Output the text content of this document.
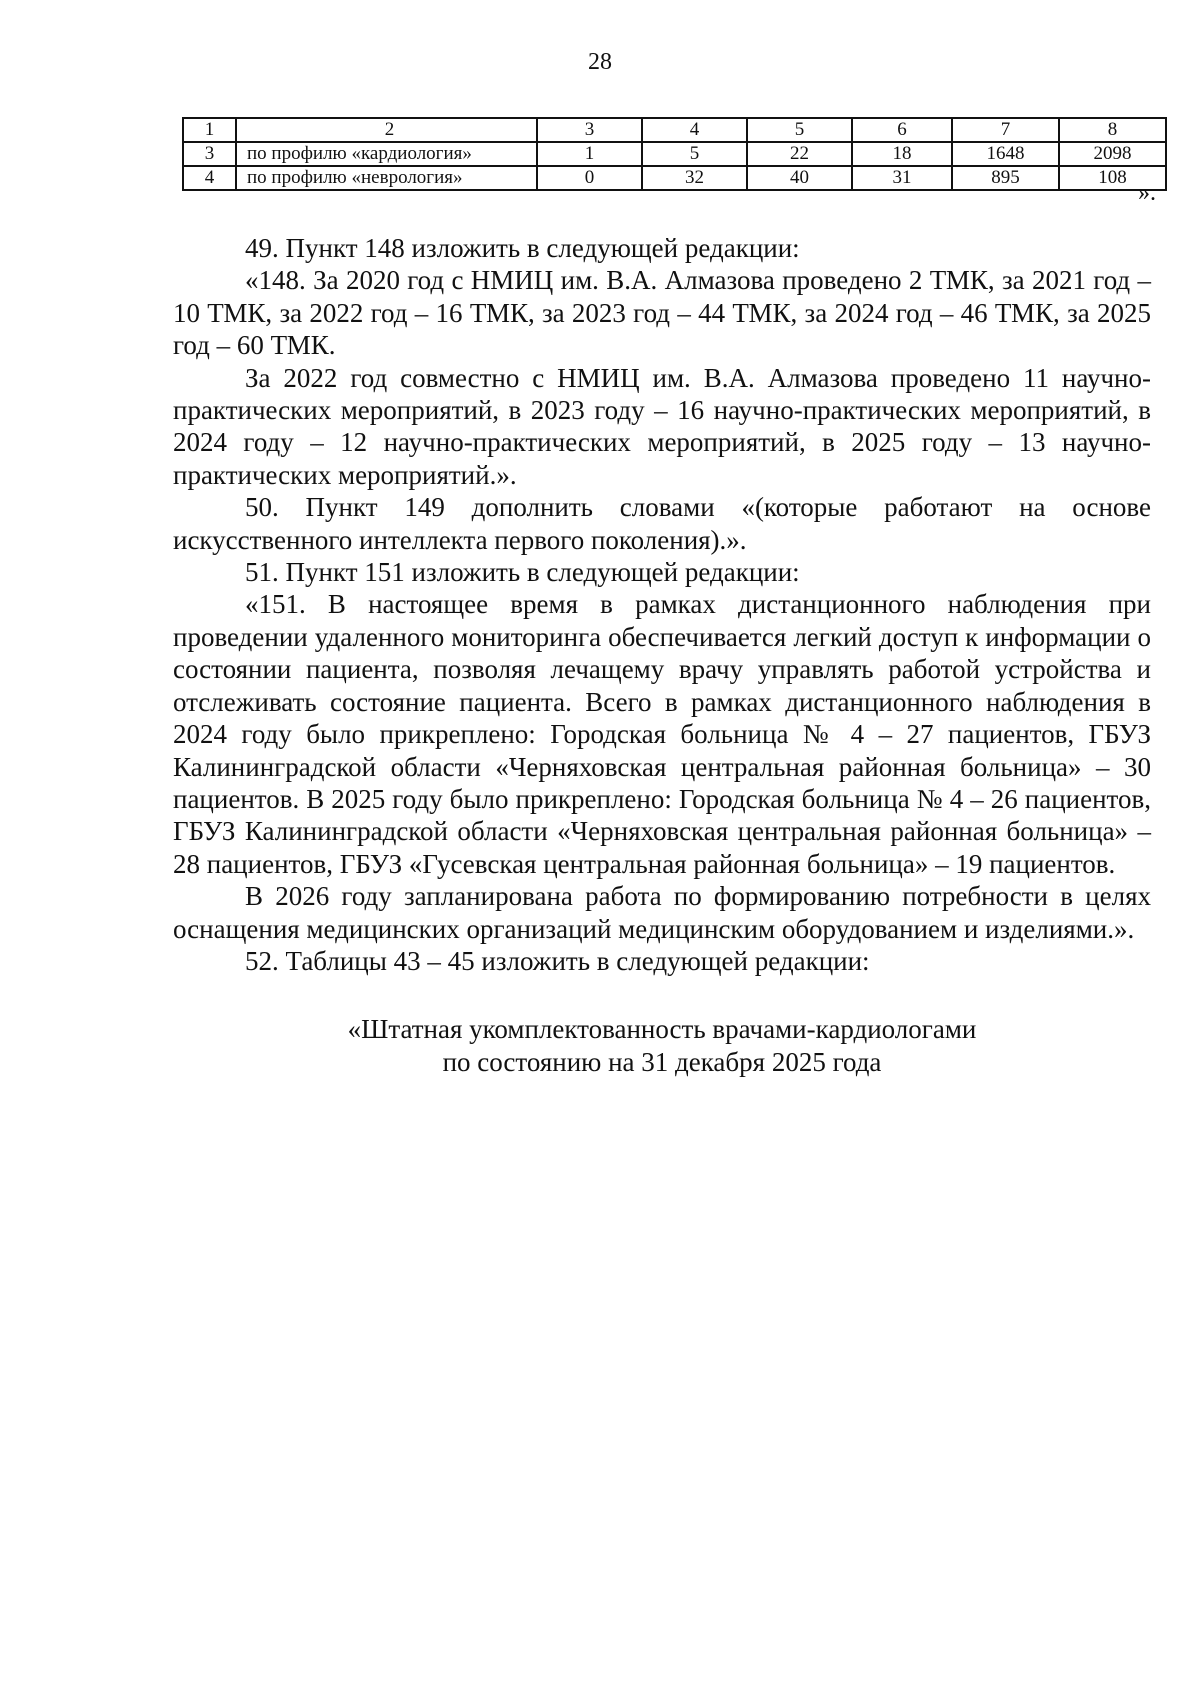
28
1	2	3	4	5	6	7	8
3	по профилю «кардиология»	1	5	22	18	1648	2098
4	по профилю «неврология»	0	32	40	31	895	108
».

49. Пункт 148 изложить в следующей редакции:

«148. За 2020 год с НМИЦ им. В.А. Алмазова проведено 2 ТМК, за 2021 год – 10 ТМК, за 2022 год – 16 ТМК, за 2023 год – 44 ТМК, за 2024 год – 46 ТМК, за 2025 год – 60 ТМК.

За 2022 год совместно с НМИЦ им. В.А. Алмазова проведено 11 научно-практических мероприятий, в 2023 году – 16 научно-практических мероприятий, в 2024 году – 12 научно-практических мероприятий, в 2025 году – 13 научно-практических мероприятий.».

50. Пункт 149 дополнить словами «(которые работают на основе искусственного интеллекта первого поколения).».

51. Пункт 151 изложить в следующей редакции:

«151. В настоящее время в рамках дистанционного наблюдения при проведении удаленного мониторинга обеспечивается легкий доступ к информации о состоянии пациента, позволяя лечащему врачу управлять работой устройства и отслеживать состояние пациента. Всего в рамках дистанционного наблюдения в 2024 году было прикреплено: Городская больница № 4 – 27 пациентов, ГБУЗ Калининградской области «Черняховская центральная районная больница» – 30 пациентов. В 2025 году было прикреплено: Городская больница № 4 – 26 пациентов, ГБУЗ Калининградской области «Черняховская центральная районная больница» – 28 пациентов, ГБУЗ «Гусевская центральная районная больница» – 19 пациентов.

В 2026 году запланирована работа по формированию потребности в целях оснащения медицинских организаций медицинским оборудованием и изделиями.».

52. Таблицы 43 – 45 изложить в следующей редакции:

«Штатная укомплектованность врачами-кардиологами
по состоянию на 31 декабря 2025 года
